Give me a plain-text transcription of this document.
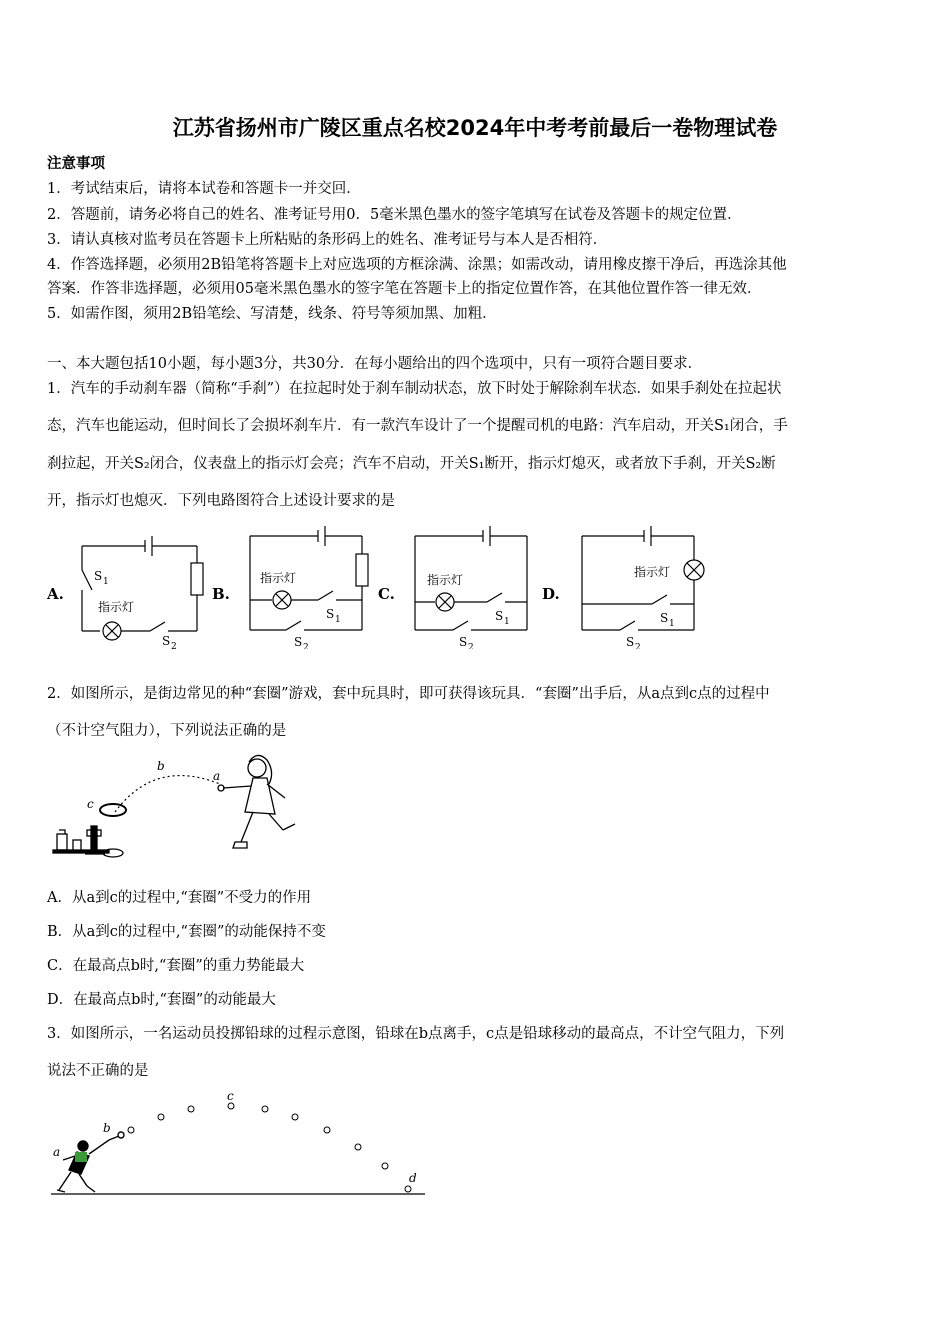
江苏省扬州市广陵区重点名校2024年中考考前最后一卷物理试卷
注意事项
1．考试结束后，请将本试卷和答题卡一并交回．
2．答题前，请务必将自己的姓名、准考证号用0．5毫米黑色墨水的签字笔填写在试卷及答题卡的规定位置．
3．请认真核对监考员在答题卡上所粘贴的条形码上的姓名、准考证号与本人是否相符．
4．作答选择题，必须用2B铅笔将答题卡上对应选项的方框涂满、涂黑；如需改动，请用橡皮擦干净后，再选涂其他
答案．作答非选择题，必须用05毫米黑色墨水的签字笔在答题卡上的指定位置作答，在其他位置作答一律无效．
5．如需作图，须用2B铅笔绘、写清楚，线条、符号等须加黑、加粗．
一、本大题包括10小题，每小题3分，共30分．在每小题给出的四个选项中，只有一项符合题目要求．
1．汽车的手动刹车器（简称“手刹”）在拉起时处于刹车制动状态，放下时处于解除刹车状态．如果手刹处在拉起状
态，汽车也能运动，但时间长了会损坏刹车片．有一款汽车设计了一个提醒司机的电路：汽车启动，开关S₁闭合，手
刹拉起，开关S₂闭合，仪表盘上的指示灯会亮；汽车不启动，开关S₁断开，指示灯熄灭，或者放下手刹，开关S₂断
开，指示灯也熄灭．下列电路图符合上述设计要求的是
A.
S 1
指示灯
S 2
B.
指示灯
S 1
S 2
C.
指示灯
S 1
S 2
D.
指示灯
S 1
S 2
2．如图所示，是街边常见的种“套圈”游戏，套中玩具时，即可获得该玩具．“套圈”出手后，从a点到c点的过程中
（不计空气阻力），下列说法正确的是
b
a
c
A．从a到c的过程中,“套圈”不受力的作用
B．从a到c的过程中,“套圈”的动能保持不变
C．在最高点b时,“套圈”的重力势能最大
D．在最高点b时,“套圈”的动能最大
3．如图所示，一名运动员投掷铅球的过程示意图，铅球在b点离手，c点是铅球移动的最高点，不计空气阻力，下列
说法不正确的是
c
b
a
d
